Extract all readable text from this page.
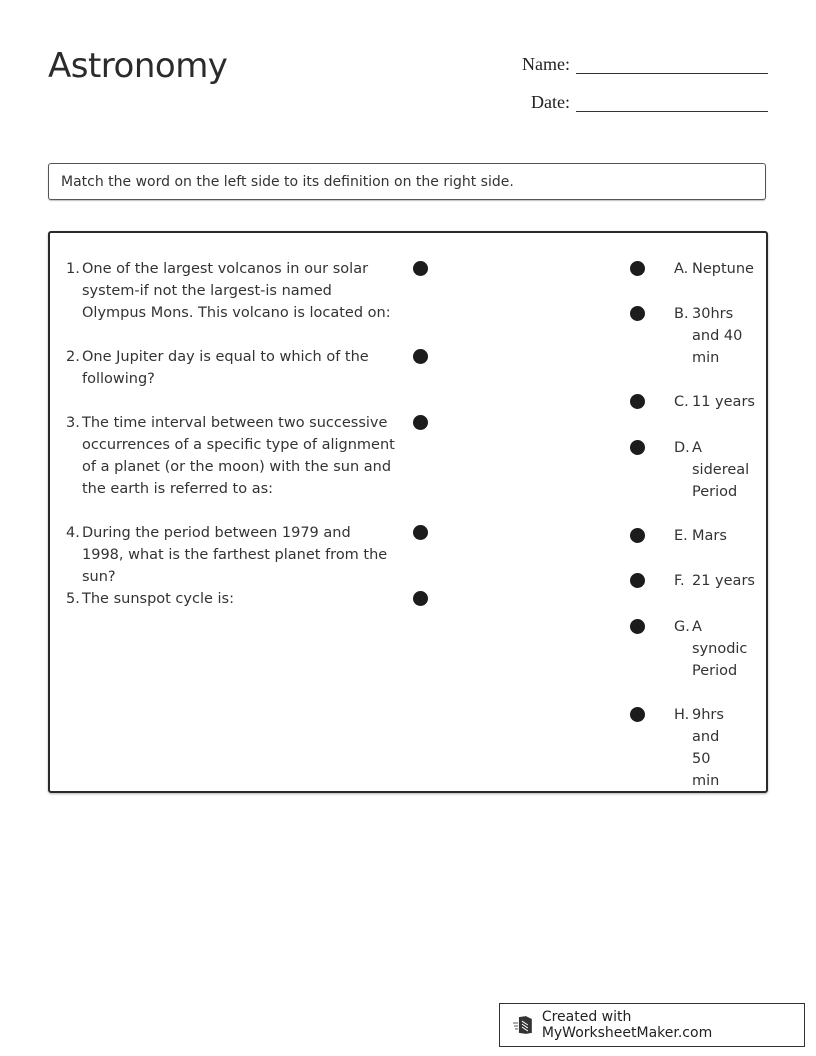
Astronomy	Name:
Date:
Match the word on the left side to its definition on the right side.
1. One of the largest volcanos in our solar system-if not the largest-is named Olympus Mons. This volcano is located on:
2. One Jupiter day is equal to which of the following?
3. The time interval between two successive occurrences of a specific type of alignment of a planet (or the moon) with the sun and the earth is referred to as:
4. During the period between 1979 and 1998, what is the farthest planet from the sun?
5. The sunspot cycle is:
A. Neptune
B. 30hrs and 40 min
C. 11 years
D. A sidereal Period
E. Mars
F. 21 years
G. A synodic Period
H. 9hrs and 50 min
Created with MyWorksheetMaker.com
